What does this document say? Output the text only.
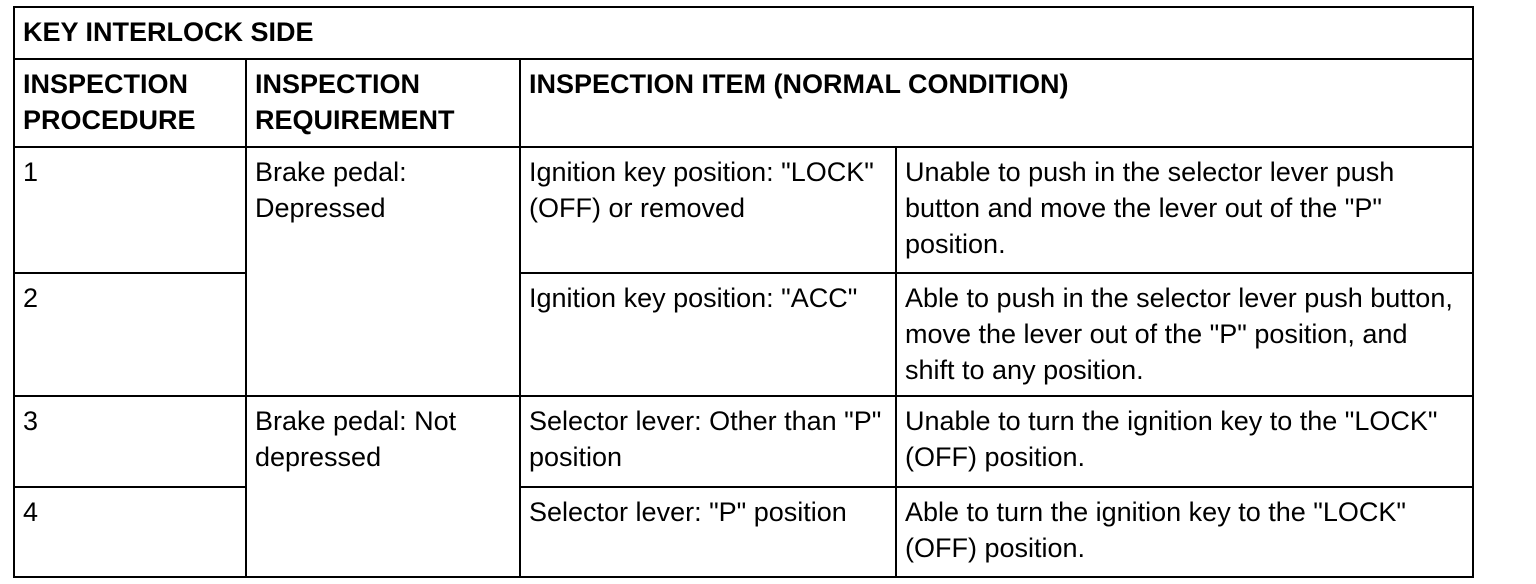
KEY INTERLOCK SIDE			
INSPECTION PROCEDURE	INSPECTION REQUIREMENT	INSPECTION ITEM (NORMAL CONDITION)	
1	Brake pedal: Depressed	Ignition key position: "LOCK" (OFF) or removed	Unable to push in the selector lever push button and move the lever out of the "P" position.
2		Ignition key position: "ACC"	Able to push in the selector lever push button, move the lever out of the "P" position, and shift to any position.
3	Brake pedal: Not depressed	Selector lever: Other than "P" position	Unable to turn the ignition key to the "LOCK" (OFF) position.
4		Selector lever: "P" position	Able to turn the ignition key to the "LOCK" (OFF) position.
